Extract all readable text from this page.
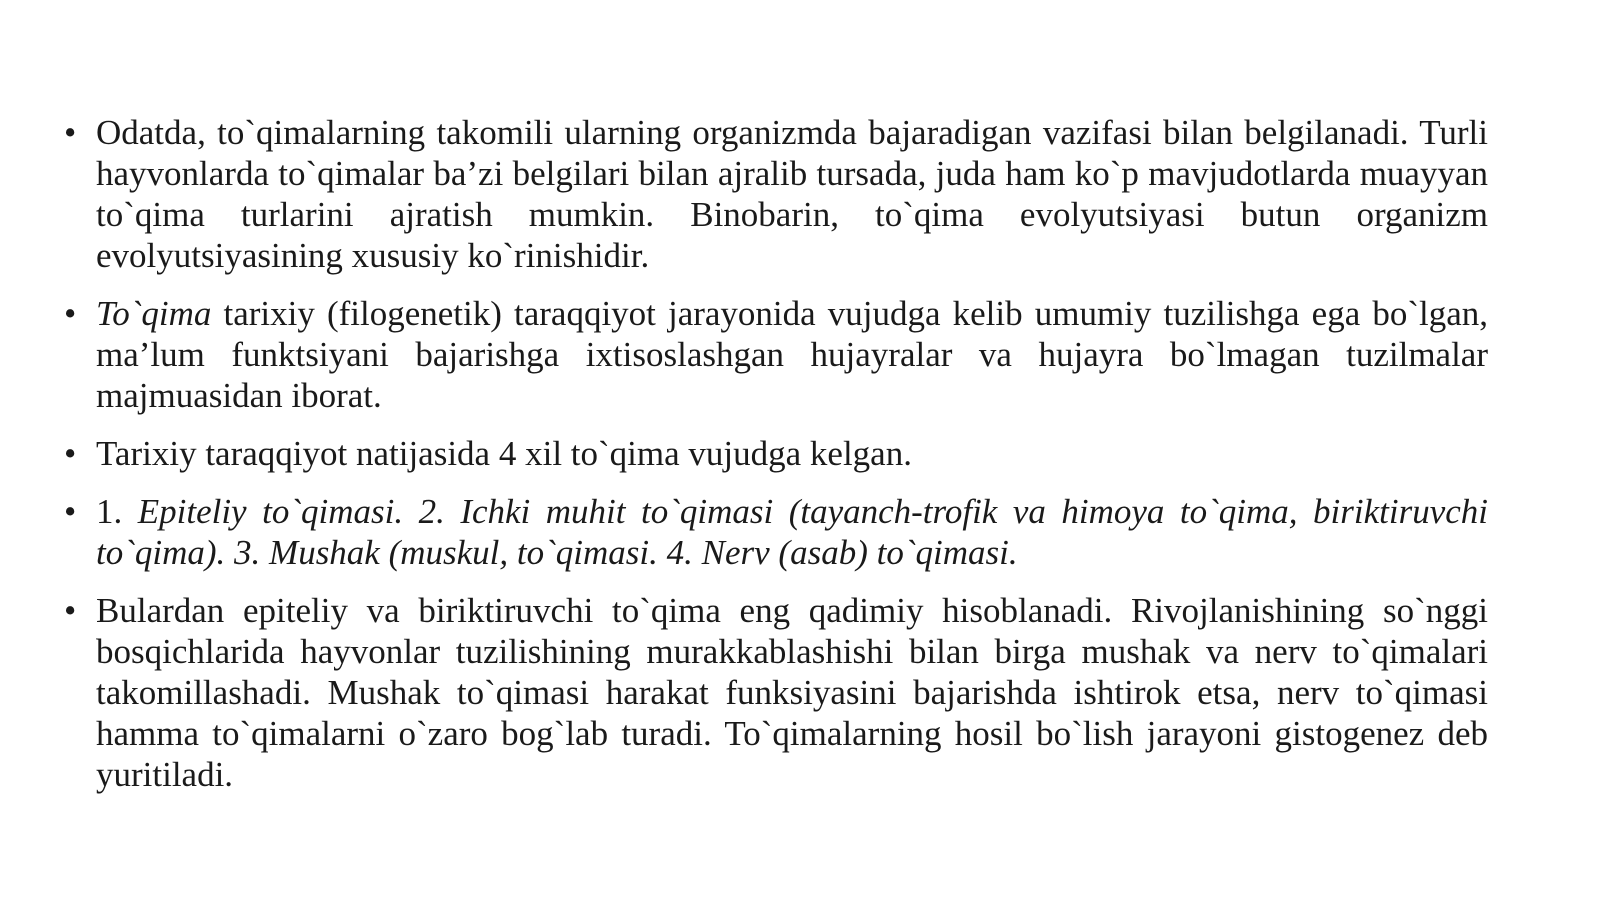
• Odatda, to`qimalarning takomili ularning organizmda bajaradigan vazifasi bilan belgilanadi. Turli hayvonlarda to`qimalar ba’zi belgilari bilan ajralib tursada, juda ham ko`p mavjudotlarda muayyan to`qima turlarini ajratish mumkin. Binobarin, to`qima evolyutsiyasi butun organizm evolyutsiyasining xususiy ko`rinishidir.
• To`qima tarixiy (filogenetik) taraqqiyot jarayonida vujudga kelib umumiy tuzilishga ega bo`lgan, ma’lum funktsiyani bajarishga ixtisoslashgan hujayralar va hujayra bo`lmagan tuzilmalar majmuasidan iborat.
• Tarixiy taraqqiyot natijasida 4 xil to`qima vujudga kelgan.
• 1. Epiteliy to`qimasi. 2. Ichki muhit to`qimasi (tayanch-trofik va himoya to`qima, biriktiruvchi to`qima). 3. Mushak (muskul, to`qimasi. 4. Nerv (asab) to`qimasi.
• Bulardan epiteliy va biriktiruvchi to`qima eng qadimiy hisoblanadi. Rivojlanishining so`nggi bosqichlarida hayvonlar tuzilishining murakkablashishi bilan birga mushak va nerv to`qimalari takomillashadi. Mushak to`qimasi harakat funksiyasini bajarishda ishtirok etsa, nerv to`qimasi hamma to`qimalarni o`zaro bog`lab turadi. To`qimalarning hosil bo`lish jarayoni gistogenez deb yuritiladi.
